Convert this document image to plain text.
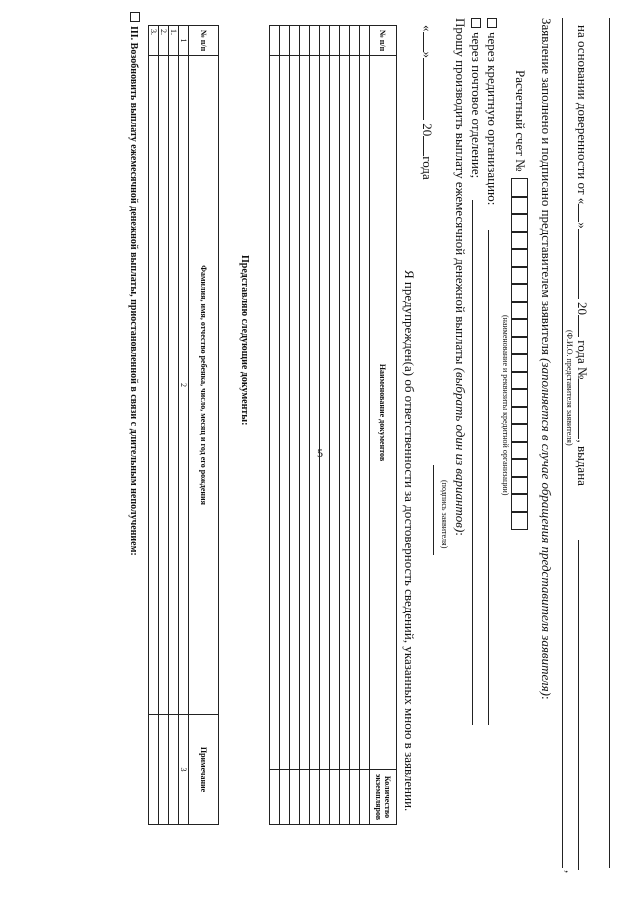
5
III. Возобновить выплату ежемесячной денежной выплаты, приостановленной в связи с длительным неполучением:	№ п/п	Фамилия, имя, отчество ребенка, число, месяц и год его рождения	Примечание
1	2	3
1.		
2.		
3.		
Представляю следующие документы:
№ п/п	Наименование документов	Количество экземпляров

		Я предупрежден(а) об ответственности за достоверность сведений, указанных мною в заявлении.
«» 20года
(подпись заявителя)
Прошу производить выплату ежемесячной денежной выплаты (выбрать один из вариантов):
через почтовое отделение; через кредитную организацию:
(наименование и реквизиты кредитной организации)
Расчетный счет № Заявление заполнено и подписано представителем заявителя (заполняется в случае обращения представителя заявителя):
,
(Ф.И.О. представителя заявителя)
на основании доверенности от «» 20 года №, выдана
